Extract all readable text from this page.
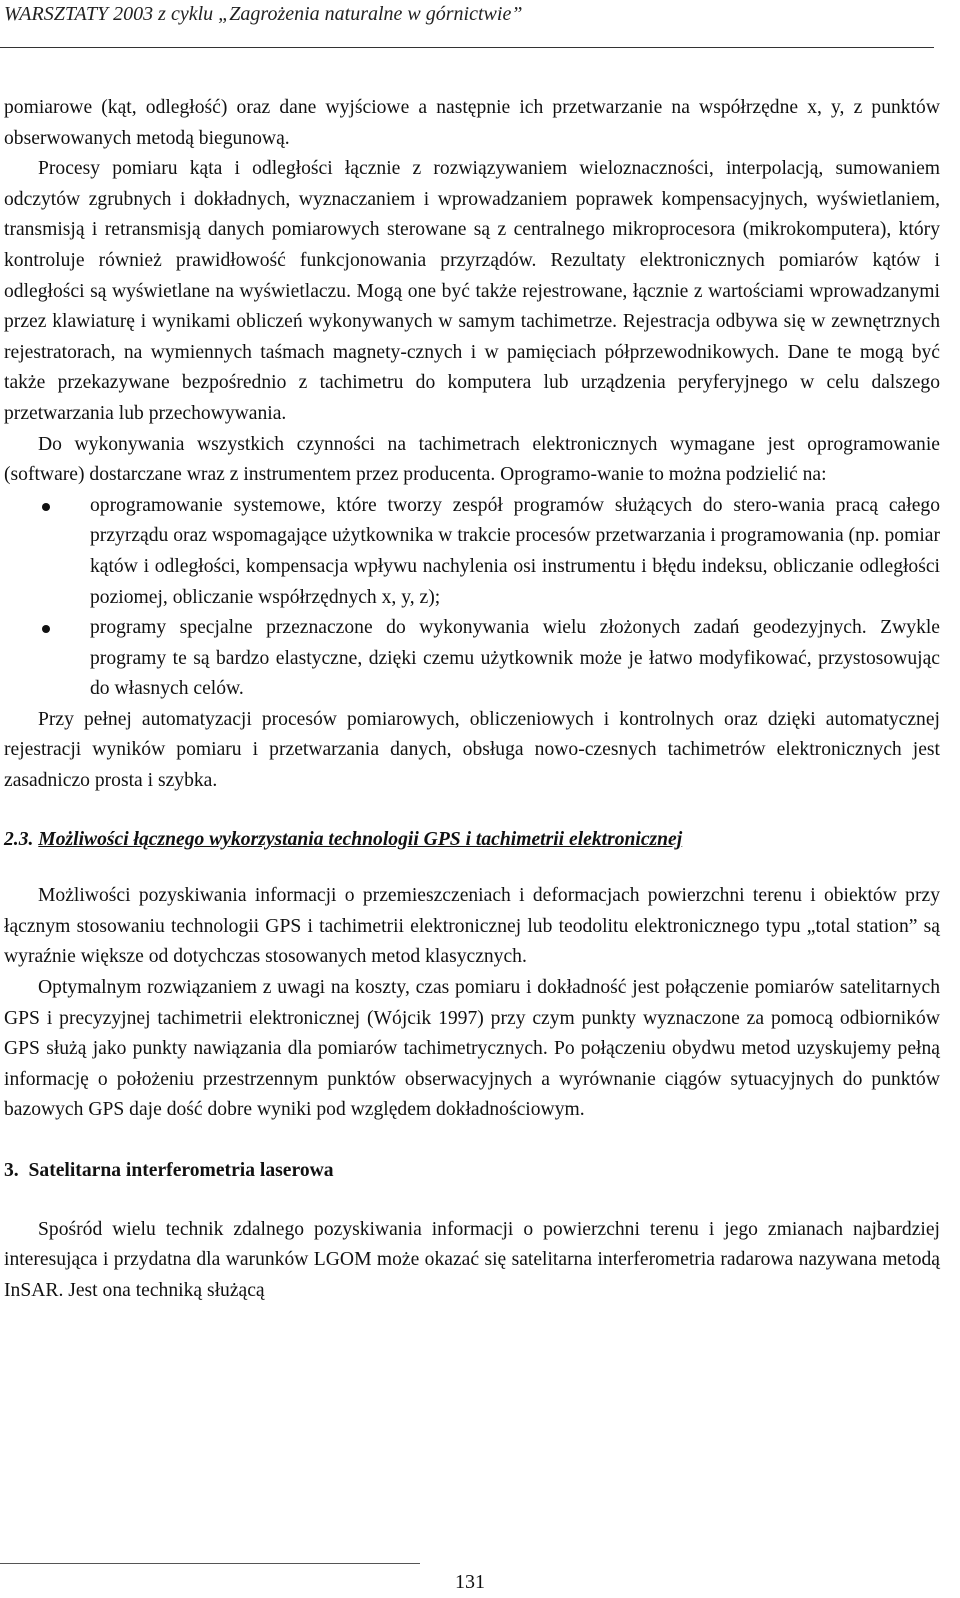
WARSZTATY 2003 z cyklu „Zagrożenia naturalne w górnictwie”

pomiarowe (kąt, odległość) oraz dane wyjściowe a następnie ich przetwarzanie na współrzędne x, y, z punktów obserwowanych metodą biegunową.

Procesy pomiaru kąta i odległości łącznie z rozwiązywaniem wieloznaczności, interpolacją, sumowaniem odczytów zgrubnych i dokładnych, wyznaczaniem i wprowadzaniem poprawek kompensacyjnych, wyświetlaniem, transmisją i retransmisją danych pomiarowych sterowane są z centralnego mikroprocesora (mikrokomputera), który kontroluje również prawidłowość funkcjonowania przyrządów. Rezultaty elektronicznych pomiarów kątów i odległości są wyświetlane na wyświetlaczu. Mogą one być także rejestrowane, łącznie z wartościami wprowadzanymi przez klawiaturę i wynikami obliczeń wykonywanych w samym tachimetrze. Rejestracja odbywa się w zewnętrznych rejestratorach, na wymiennych taśmach magnety-cznych i w pamięciach półprzewodnikowych. Dane te mogą być także przekazywane bezpośrednio z tachimetru do komputera lub urządzenia peryferyjnego w celu dalszego przetwarzania lub przechowywania.

Do wykonywania wszystkich czynności na tachimetrach elektronicznych wymagane jest oprogramowanie (software) dostarczane wraz z instrumentem przez producenta. Oprogramo-wanie to można podzielić na:

oprogramowanie systemowe, które tworzy zespół programów służących do stero-wania pracą całego przyrządu oraz wspomagające użytkownika w trakcie procesów przetwarzania i programowania (np. pomiar kątów i odległości, kompensacja wpływu nachylenia osi instrumentu i błędu indeksu, obliczanie odległości poziomej, obliczanie współrzędnych x, y, z);
programy specjalne przeznaczone do wykonywania wielu złożonych zadań geodezyjnych. Zwykle programy te są bardzo elastyczne, dzięki czemu użytkownik może je łatwo modyfikować, przystosowując do własnych celów.

Przy pełnej automatyzacji procesów pomiarowych, obliczeniowych i kontrolnych oraz dzięki automatycznej rejestracji wyników pomiaru i przetwarzania danych, obsługa nowo-czesnych tachimetrów elektronicznych jest zasadniczo prosta i szybka.

2.3. Możliwości łącznego wykorzystania technologii GPS i tachimetrii elektronicznej

Możliwości pozyskiwania informacji o przemieszczeniach i deformacjach powierzchni terenu i obiektów przy łącznym stosowaniu technologii GPS i tachimetrii elektronicznej lub teodolitu elektronicznego typu „total station” są wyraźnie większe od dotychczas stosowanych metod klasycznych.

Optymalnym rozwiązaniem z uwagi na koszty, czas pomiaru i dokładność jest połączenie pomiarów satelitarnych GPS i precyzyjnej tachimetrii elektronicznej (Wójcik 1997) przy czym punkty wyznaczone za pomocą odbiorników GPS służą jako punkty nawiązania dla pomiarów tachimetrycznych. Po połączeniu obydwu metod uzyskujemy pełną informację o położeniu przestrzennym punktów obserwacyjnych a wyrównanie ciągów sytuacyjnych do punktów bazowych GPS daje dość dobre wyniki pod względem dokładnościowym.

3. Satelitarna interferometria laserowa

Spośród wielu technik zdalnego pozyskiwania informacji o powierzchni terenu i jego zmianach najbardziej interesująca i przydatna dla warunków LGOM może okazać się satelitarna interferometria radarowa nazywana metodą InSAR. Jest ona techniką służącą

131
